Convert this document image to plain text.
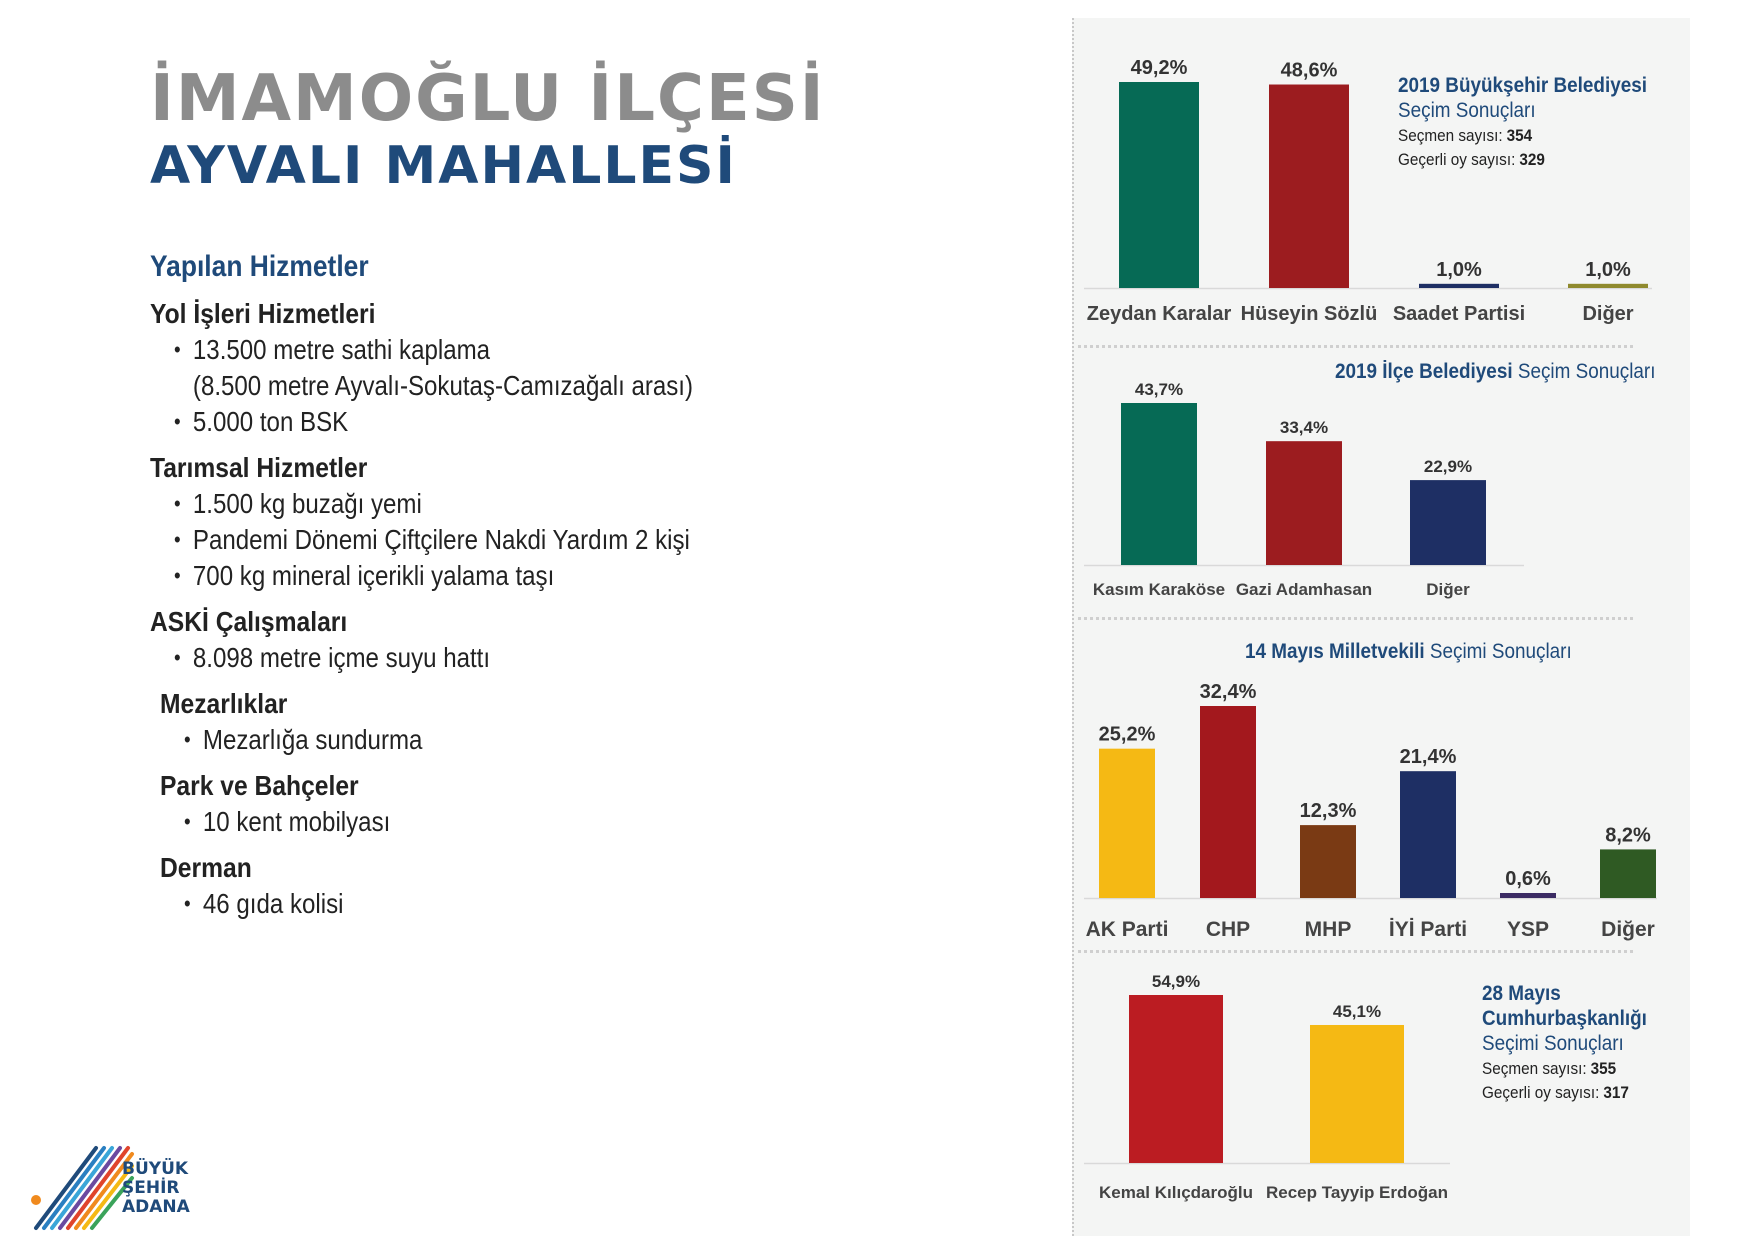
İMAMOĞLU İLÇESİ
AYVALI MAHALLESİ
Yapılan Hizmetler
Yol İşleri Hizmetleri
• 13.500 metre sathi kaplama
(8.500 metre Ayvalı-Sokutaş-Camızağalı arası)
• 5.000 ton BSK
Tarımsal Hizmetler
• 1.500 kg buzağı yemi
• Pandemi Dönemi Çiftçilere Nakdi Yardım 2 kişi
• 700 kg mineral içerikli yalama taşı
ASKİ Çalışmaları
• 8.098 metre içme suyu hattı
Mezarlıklar
• Mezarlığa sundurma
Park ve Bahçeler
• 10 kent mobilyası
Derman
• 46 gıda kolisi
49,2%
Zeydan Karalar
48,6%
Hüseyin Sözlü
1,0%
Saadet Partisi
1,0%
Diğer
43,7%
Kasım Karaköse
33,4%
Gazi Adamhasan
22,9%
Diğer
25,2%
AK Parti
32,4%
CHP
12,3%
MHP
21,4%
İYİ Parti
0,6%
YSP
8,2%
Diğer
54,9%
Kemal Kılıçdaroğlu
45,1%
Recep Tayyip Erdoğan
2019 Büyükşehir Belediyesi
Seçim Sonuçları
Seçmen sayısı: 354
Geçerli oy sayısı: 329
2019 İlçe Belediyesi Seçim Sonuçları
14 Mayıs Milletvekili Seçimi Sonuçları
28 Mayıs
Cumhurbaşkanlığı
Seçimi Sonuçları
Seçmen sayısı: 355
Geçerli oy sayısı: 317
BÜYÜK
ŞEHİR
ADANA
